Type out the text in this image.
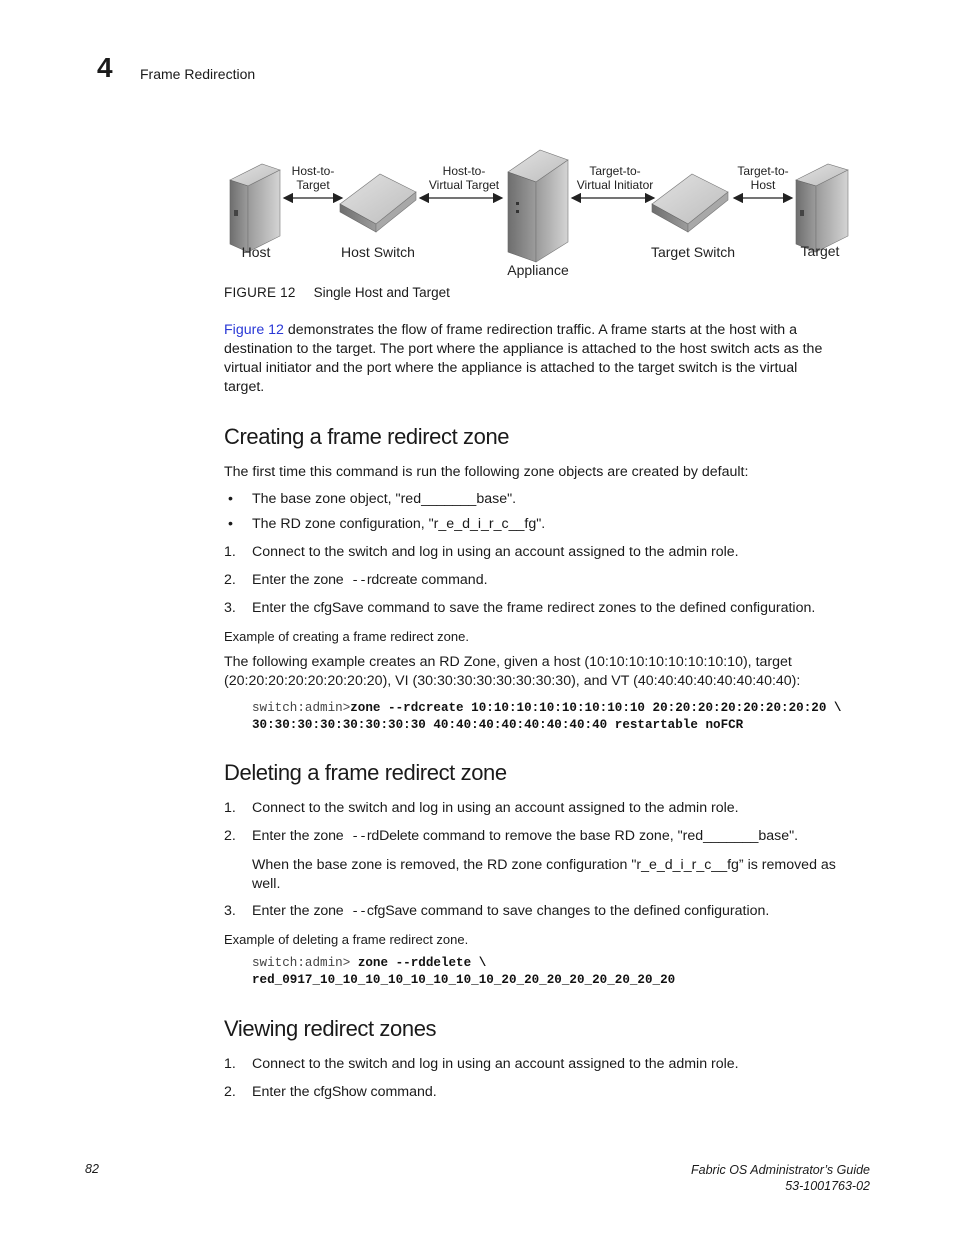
4 Frame Redirection
Host-to-
Target
Host-to-
Virtual Target
Target-to-
Virtual Initiator
Target-to-
Host
Host	Host Switch
Appliance
Target Switch	Target
FIGURE 12 Single Host and Target
Figure 12 demonstrates the flow of frame redirection traffic. A frame starts at the host with a
destination to the target. The port where the appliance is attached to the host switch acts as the
virtual initiator and the port where the appliance is attached to the target switch is the virtual
target.
Creating a frame redirect zone
The first time this command is run the following zone objects are created by default:
• The base zone object, "red_______base".
• The RD zone configuration, "r_e_d_i_r_c__fg".
1. Connect to the switch and log in using an account assigned to the admin role.
2. Enter the zone --rdcreate command.
3. Enter the cfgSave command to save the frame redirect zones to the defined configuration.
Example of creating a frame redirect zone.
The following example creates an RD Zone, given a host (10:10:10:10:10:10:10:10), target
(20:20:20:20:20:20:20:20), VI (30:30:30:30:30:30:30:30), and VT (40:40:40:40:40:40:40:40):
switch:admin>zone --rdcreate 10:10:10:10:10:10:10:10 20:20:20:20:20:20:20:20 \
30:30:30:30:30:30:30:30 40:40:40:40:40:40:40:40 restartable noFCR
Deleting a frame redirect zone
1. Connect to the switch and log in using an account assigned to the admin role.
2. Enter the zone --rdDelete command to remove the base RD zone, "red_______base".
When the base zone is removed, the RD zone configuration "r_e_d_i_r_c__fg” is removed as
well.
3. Enter the zone --cfgSave command to save changes to the defined configuration.
Example of deleting a frame redirect zone.
switch:admin> zone --rddelete \
red_0917_10_10_10_10_10_10_10_10_20_20_20_20_20_20_20_20
Viewing redirect zones
1. Connect to the switch and log in using an account assigned to the admin role.
2. Enter the cfgShow command.
82	Fabric OS Administrator’s Guide
53-1001763-02
